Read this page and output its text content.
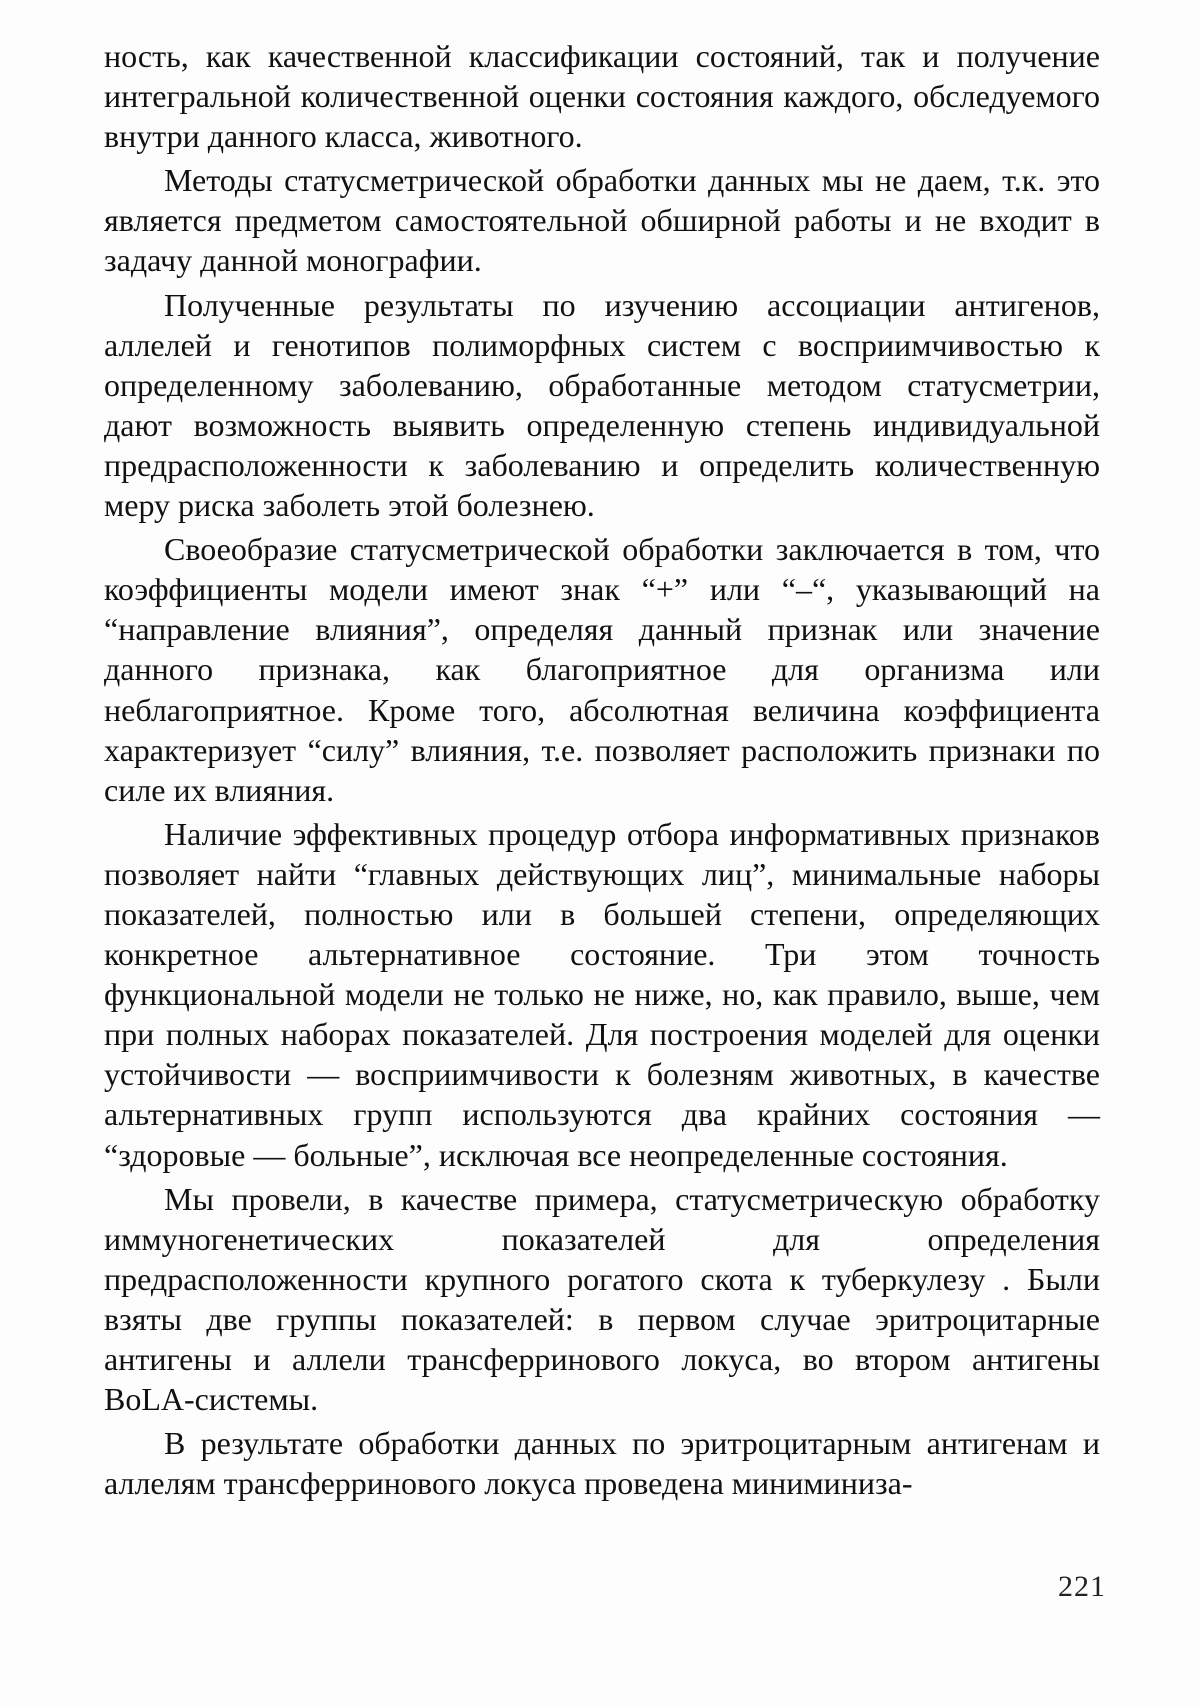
ность, как качественной классификации состояний, так и получение интегральной количественной оценки состояния каждого, обследуемого внутри данного класса, животного.

Методы статусметрической обработки данных мы не даем, т.к. это является предметом самостоятельной обширной работы и не входит в задачу данной монографии.

Полученные результаты по изучению ассоциации антигенов, аллелей и генотипов полиморфных систем с восприимчивостью к определенному заболеванию, обработанные методом статусметрии, дают возможность выявить определенную степень индивидуальной предрасположенности к заболеванию и определить количественную меру риска заболеть этой болезнею.

Своеобразие статусметрической обработки заключается в том, что коэффициенты модели имеют знак “+” или “–“, указывающий на “направление влияния”, определяя данный признак или значение данного признака, как благоприятное для организма или неблагоприятное. Кроме того, абсолютная величина коэффициента характеризует “силу” влияния, т.е. позволяет расположить признаки по силе их влияния.

Наличие эффективных процедур отбора информативных признаков позволяет найти “главных действующих лиц”, минимальные наборы показателей, полностью или в большей степени, определяющих конкретное альтернативное состояние. Три этом точность функциональной модели не только не ниже, но, как правило, выше, чем при полных наборах показателей. Для построения моделей для оценки устойчивости — восприимчивости к болезням животных, в качестве альтернативных групп используются два крайних состояния — “здоровые — больные”, исключая все неопределенные состояния.

Мы провели, в качестве примера, статусметрическую обработку иммуногенетических показателей для определения предрасположенности крупного рогатого скота к туберкулезу . Были взяты две группы показателей: в первом случае эритроцитарные антигены и аллели трансферринового локуса, во втором антигены BoLA-системы.

В результате обработки данных по эритроцитарным антигенам и аллелям трансферринового локуса проведена миниминиза-

221
